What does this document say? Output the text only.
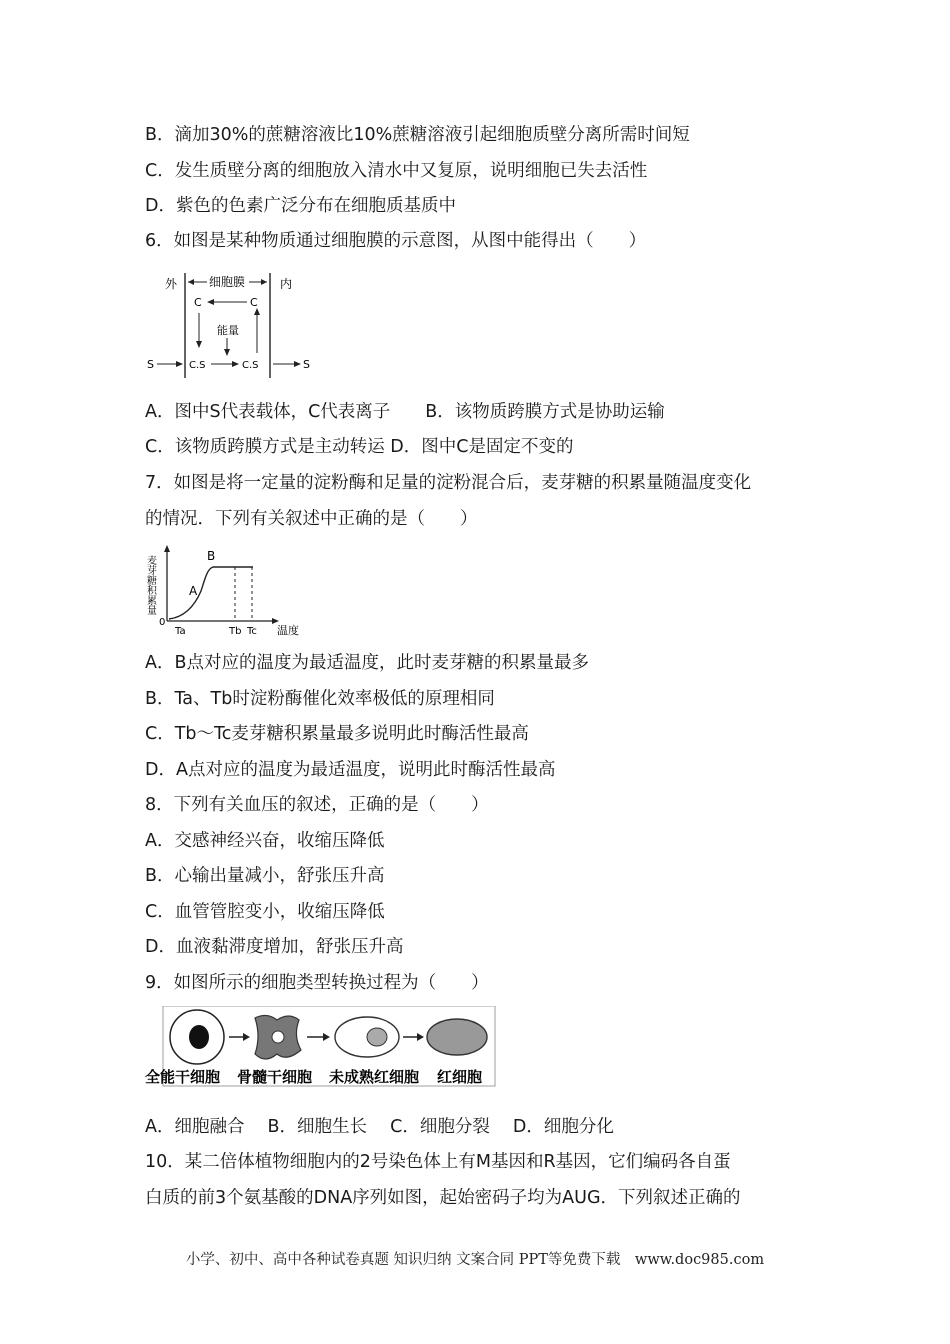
B．滴加30%的蔗糖溶液比10%蔗糖溶液引起细胞质壁分离所需时间短
C．发生质壁分离的细胞放入清水中又复原，说明细胞已失去活性
D．紫色的色素广泛分布在细胞质基质中
6．如图是某种物质通过细胞膜的示意图，从图中能得出（　　）
外	内
细胞膜
C	C
能量
S	C.S	C.S	S
A．图中S代表载体，C代表离子　　B．该物质跨膜方式是协助运输
C．该物质跨膜方式是主动转运 D．图中C是固定不变的
7．如图是将一定量的淀粉酶和足量的淀粉混合后，麦芽糖的积累量随温度变化
的情况．下列有关叙述中正确的是（　　）
麦芽糖积累量
0
A
B
Ta	Tb Tc 温度
A．B点对应的温度为最适温度，此时麦芽糖的积累量最多
B．Ta、Tb时淀粉酶催化效率极低的原理相同
C．Tb～Tc麦芽糖积累量最多说明此时酶活性最高
D．A点对应的温度为最适温度，说明此时酶活性最高
8．下列有关血压的叙述，正确的是（　　）
A．交感神经兴奋，收缩压降低
B．心输出量减小，舒张压升高
C．血管管腔变小，收缩压降低
D．血液黏滞度增加，舒张压升高
9．如图所示的细胞类型转换过程为（　　）
全能干细胞 骨髓干细胞 未成熟红细胞 红细胞
A．细胞融合　 B．细胞生长　 C．细胞分裂　 D．细胞分化
10．某二倍体植物细胞内的2号染色体上有M基因和R基因，它们编码各自蛋
白质的前3个氨基酸的DNA序列如图，起始密码子均为AUG．下列叙述正确的
小学、初中、高中各种试卷真题 知识归纳 文案合同 PPT等免费下载　www.doc985.com
